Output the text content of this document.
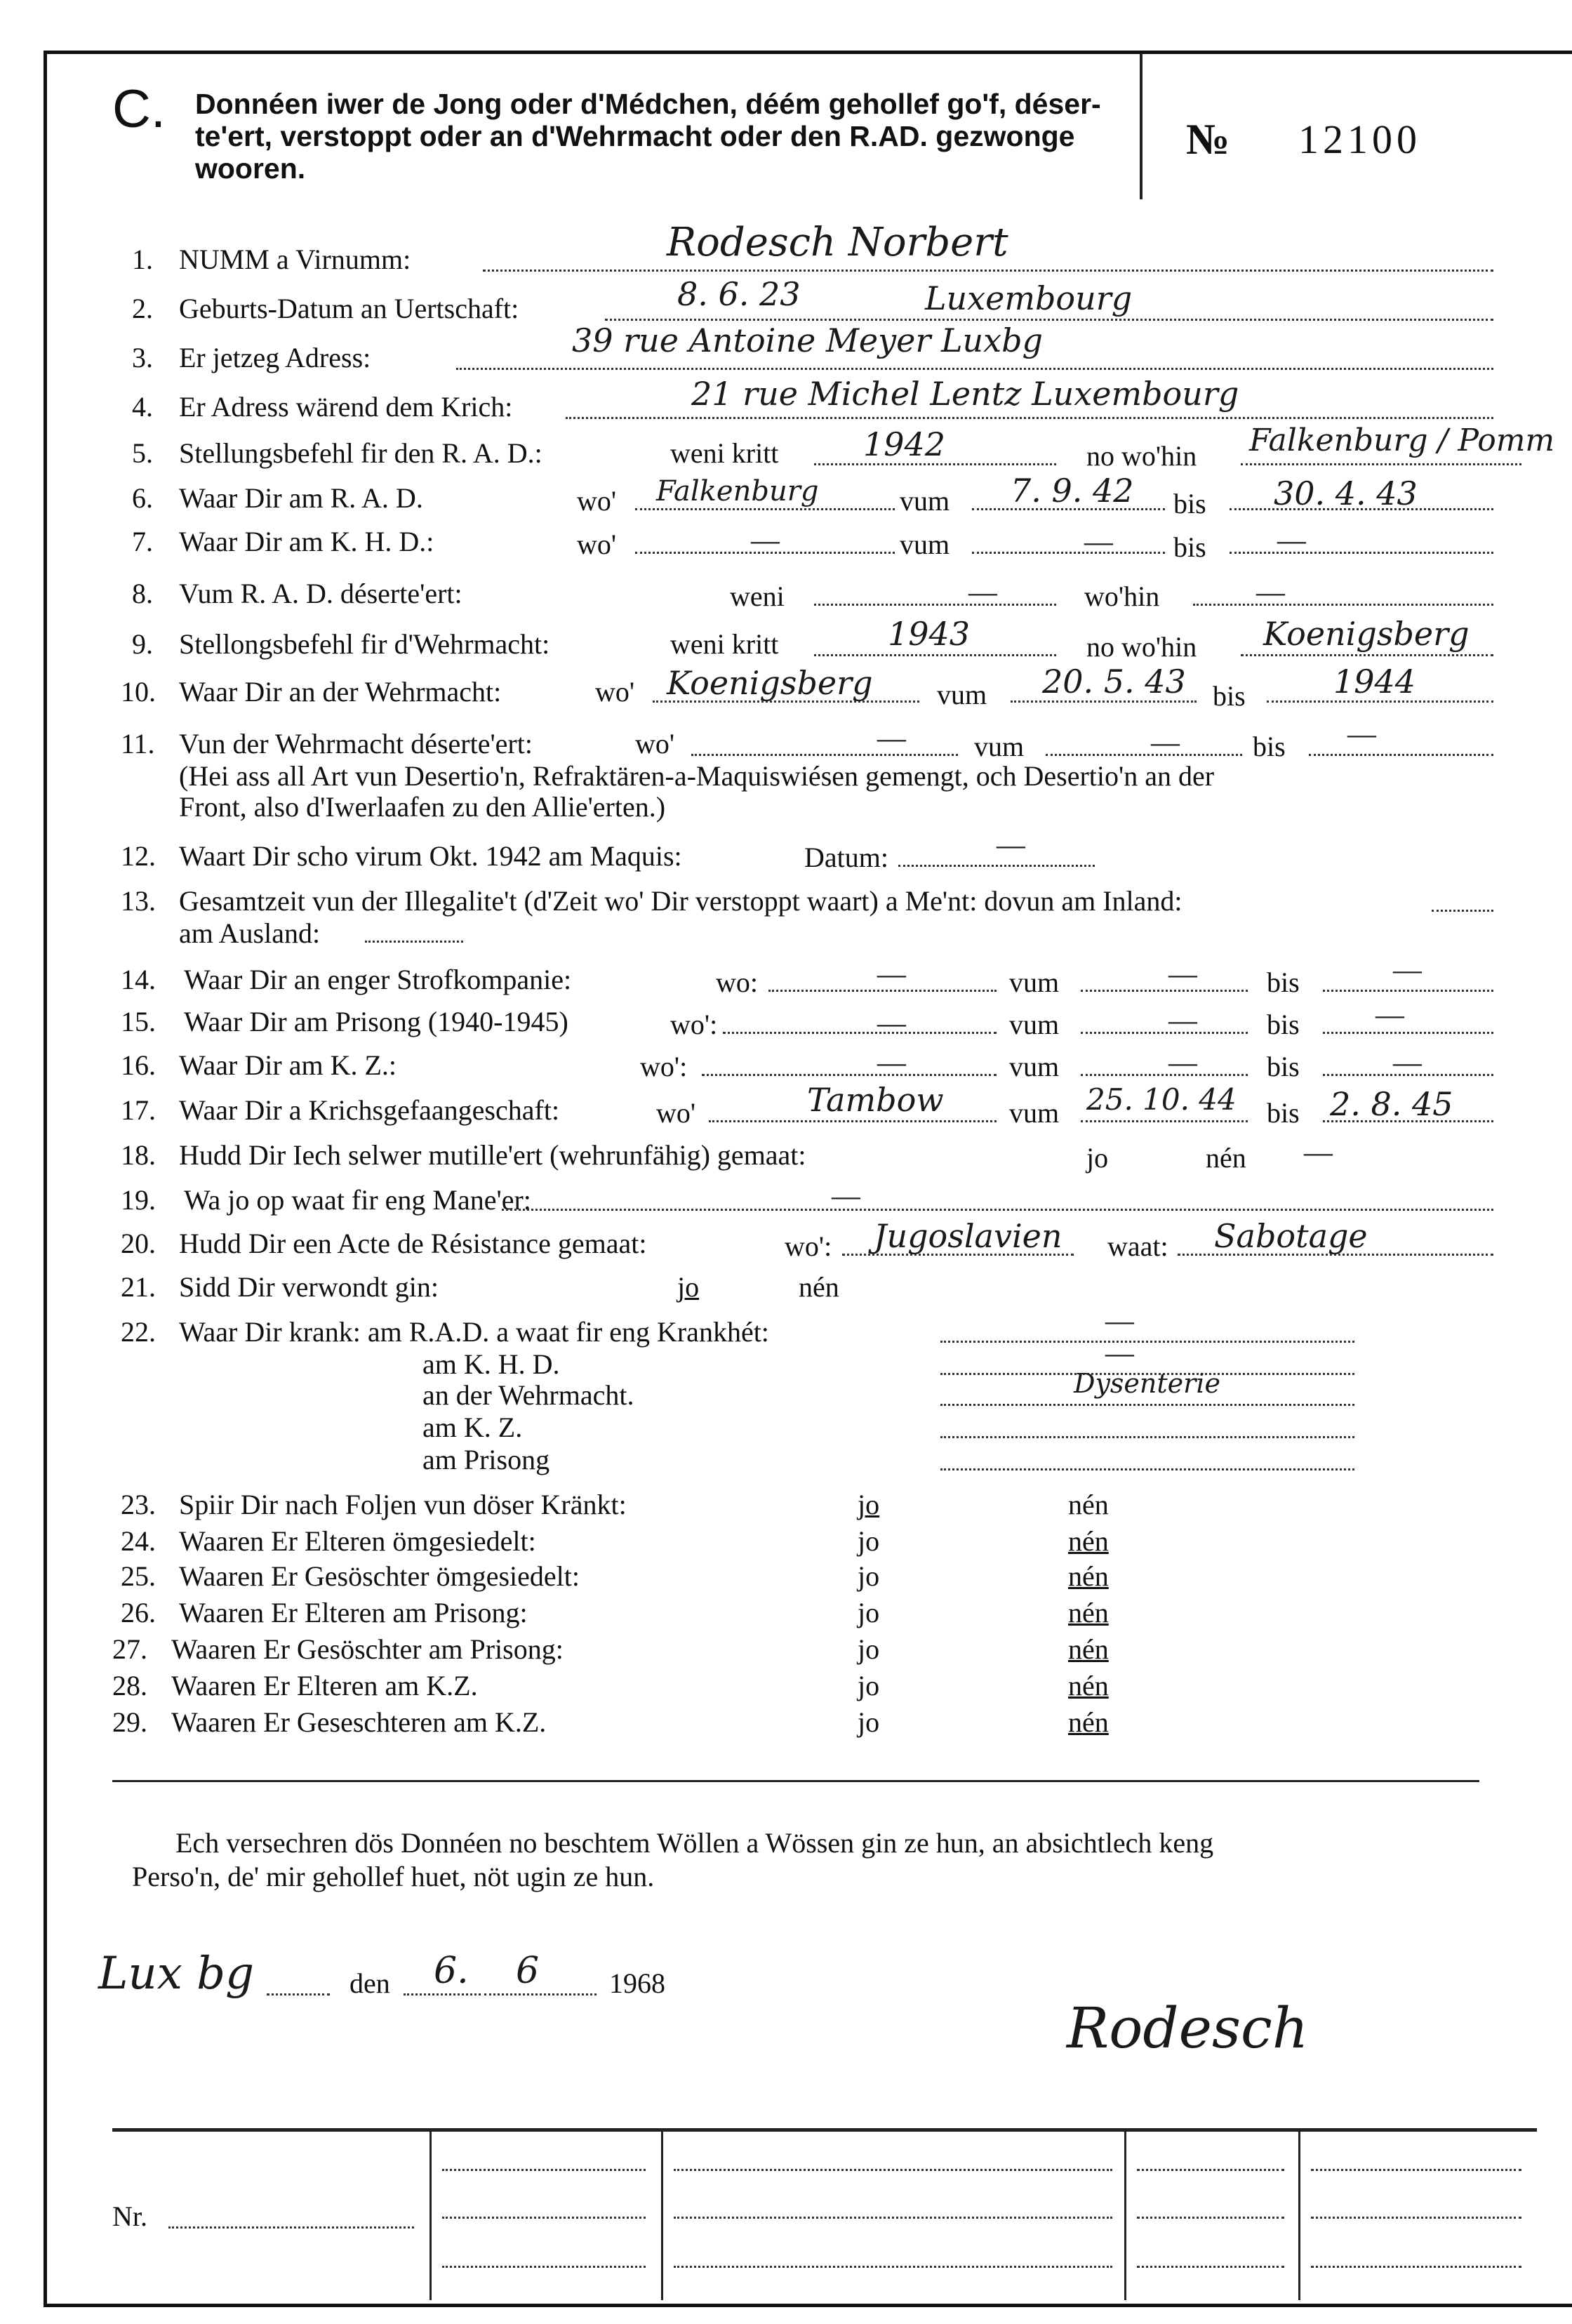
C. Donnéen iwer de Jong oder d'Médchen, déém gehollef go'f, déser-
te'ert, verstoppt oder an d'Wehrmacht oder den R.AD. gezwonge
wooren.
№ 12100
1. NUMM a Virnumm:	Rodesch Norbert
2. Geburts-Datum an Uertschaft:	8. 6. 23	Luxembourg
3. Er jetzeg Adress:	39 rue Antoine Meyer Luxbg
4. Er Adress wärend dem Krich:	21 rue Michel Lentz Luxembourg
5. Stellungsbefehl fir den R. A. D.:	weni kritt	1942	no wo'hin Falkenburg / Pomm
6. Waar Dir am R. A. D.	wo' Falkenburg	vum 7. 9. 42 bis 30. 4. 43
7. Waar Dir am K. H. D.:	wo'	—	vum	— bis —
8. Vum R. A. D. déserte'ert:	weni	—	wo'hin	—
9. Stellongsbefehl fir d'Wehrmacht:	weni kritt	1943	no wo'hin Koenigsberg
10. Waar Dir an der Wehrmacht:	wo' Koenigsberg vum 20. 5. 43 bis	1944
11. Vun der Wehrmacht déserte'ert:	wo'	— vum	—	bis —
(Hei ass all Art vun Desertio'n, Refraktären-a-Maquiswiésen gemengt, och Desertio'n an der
Front, also d'Iwerlaafen zu den Allie'erten.)
12. Waart Dir scho virum Okt. 1942 am Maquis:	Datum:	—
13. Gesamtzeit vun der Illegalite't (d'Zeit wo' Dir verstoppt waart) a Me'nt: dovun am Inland:
am Ausland:
14. Waar Dir an enger Strofkompanie:	wo:	—	vum	— bis	—
15. Waar Dir am Prisong (1940-1945)	wo':	—	vum	— bis —
16. Waar Dir am K. Z.:	wo':	—	vum	— bis	—
17. Waar Dir a Krichsgefaangeschaft:	wo'	Tambow vum 25. 10. 44 bis 2. 8. 45
18. Hudd Dir Iech selwer mutille'ert (wehrunfähig) gemaat:	jo	nén —
19. Wa jo op waat fir eng Mane'er:	—
20. Hudd Dir een Acte de Résistance gemaat:	wo': Jugoslavien waat: Sabotage
21. Sidd Dir verwondt gin:	jo	nén
22. Waar Dir krank: am R.A.D. a waat fir eng Krankhét:	—
am K. H. D.	—
an der Wehrmacht.	Dysenterie
am K. Z.
am Prisong
23. Spiir Dir nach Foljen vun döser Kränkt:	jo	nén
24. Waaren Er Elteren ömgesiedelt:	jo	nén
25. Waaren Er Gesöschter ömgesiedelt:	jo	nén
26. Waaren Er Elteren am Prisong:	jo	nén
27. Waaren Er Gesöschter am Prisong:	jo	nén
28. Waaren Er Elteren am K.Z.	jo	nén
29. Waaren Er Geseschteren am K.Z.	jo	nén
Ech versechren dös Donnéen no beschtem Wöllen a Wössen gin ze hun, an absichtlech keng
Perso'n, de' mir gehollef huet, nöt ugin ze hun.
Lux bg	den 6. 6 1968
Rodesch
Nr.
